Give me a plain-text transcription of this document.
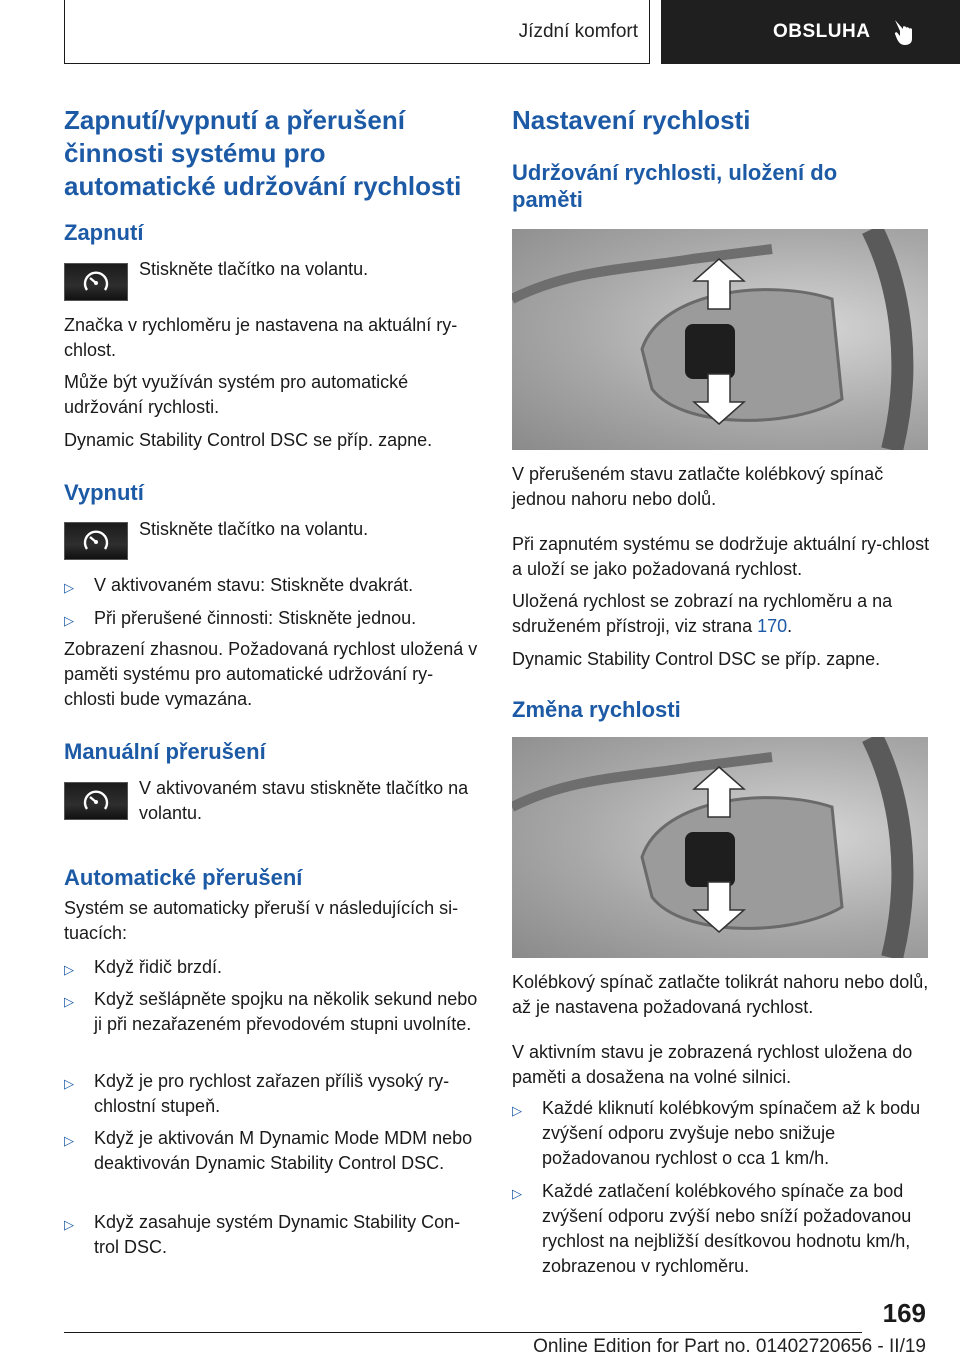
Jízdní komfort	OBSLUHA
Zapnutí/vypnutí a přerušení činnosti systému pro automatické udržování rychlosti
Zapnutí

Stiskněte tlačítko na volantu.

Značka v rychloměru je nastavena na aktuální ry-chlost.

Může být využíván systém pro automatické udržování rychlosti.

Dynamic Stability Control DSC se příp. zapne.

Vypnutí

Stiskněte tlačítko na volantu.

▷	V aktivovaném stavu: Stiskněte dvakrát.
▷	Při přerušené činnosti: Stiskněte jednou.

Zobrazení zhasnou. Požadovaná rychlost uložená v paměti systému pro automatické udržování ry-chlosti bude vymazána.

Manuální přerušení

V aktivovaném stavu stiskněte tlačítko na volantu.

Automatické přerušení

Systém se automaticky přeruší v následujících si-tuacích:

▷	Když řidič brzdí.
▷	Když sešlápněte spojku na několik sekund nebo ji při nezařazeném převodovém stupni uvolníte.
▷	Když je pro rychlost zařazen příliš vysoký ry-chlostní stupeň.
▷	Když je aktivován M Dynamic Mode MDM nebo deaktivován Dynamic Stability Control DSC.
▷	Když zasahuje systém Dynamic Stability Con-trol DSC.
Nastavení rychlosti
Udržování rychlosti, uložení do paměti

V přerušeném stavu zatlačte kolébkový spínač jednou nahoru nebo dolů.

Při zapnutém systému se dodržuje aktuální ry-chlost a uloží se jako požadovaná rychlost.

Uložená rychlost se zobrazí na rychloměru a na sdruženém přístroji, viz strana 170.

Dynamic Stability Control DSC se příp. zapne.

Změna rychlosti

Kolébkový spínač zatlačte tolikrát nahoru nebo dolů, až je nastavena požadovaná rychlost.

V aktivním stavu je zobrazená rychlost uložena do paměti a dosažena na volné silnici.

▷	Každé kliknutí kolébkovým spínačem až k bodu zvýšení odporu zvyšuje nebo snižuje požadovanou rychlost o cca 1 km/h.
▷	Každé zatlačení kolébkového spínače za bod zvýšení odporu zvýší nebo sníží požadovanou rychlost na nejbližší desítkovou hodnotu km/h, zobrazenou v rychloměru.
169
Online Edition for Part no. 01402720656 - II/19
